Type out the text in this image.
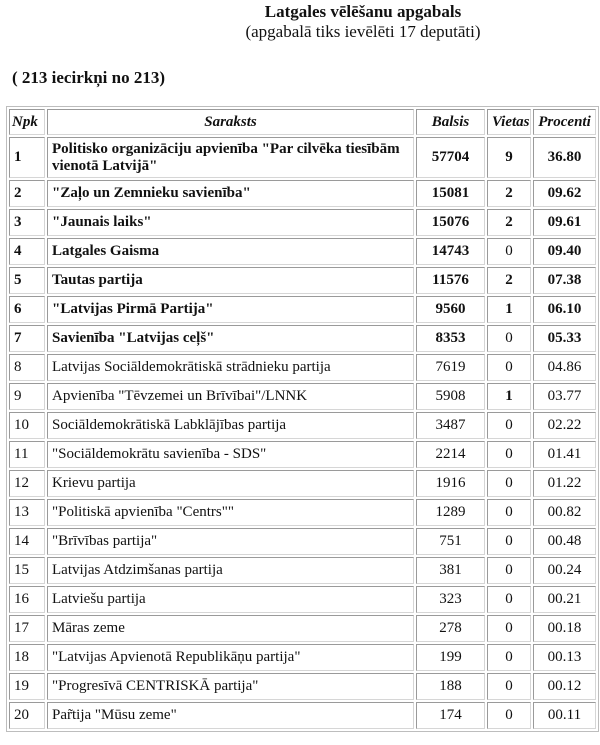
Latgales vēlēšanu apgabals
(apgabalā tiks ievēlēti 17 deputāti)
( 213 iecirkņi no 213)
Npk	Saraksts	Balsis	Vietas	Procenti
1	Politisko organizāciju apvienība "Par cilvēka tiesībām vienotā Latvijā"	57704	9	36.80
2	"Zaļo un Zemnieku savienība"	15081	2	09.62
3	"Jaunais laiks"	15076	2	09.61
4	Latgales Gaisma	14743	0	09.40
5	Tautas partija	11576	2	07.38
6	"Latvijas Pirmā Partija"	9560	1	06.10
7	Savienība "Latvijas ceļš"	8353	0	05.33
8	Latvijas Sociāldemokrātiskā strādnieku partija	7619	0	04.86
9	Apvienība "Tēvzemei un Brīvībai"/LNNK	5908	1	03.77
10	Sociāldemokrātiskā Labklājības partija	3487	0	02.22
11	"Sociāldemokrātu savienība - SDS"	2214	0	01.41
12	Krievu partija	1916	0	01.22
13	"Politiskā apvienība "Centrs""	1289	0	00.82
14	"Brīvības partija"	751	0	00.48
15	Latvijas Atdzimšanas partija	381	0	00.24
16	Latviešu partija	323	0	00.21
17	Māras zeme	278	0	00.18
18	"Latvijas Apvienotā Republikāņu partija"	199	0	00.13
19	"Progresīvā CENTRISKĀ partija"	188	0	00.12
20	Par̃tija "Mūsu zeme"	174	0	00.11
